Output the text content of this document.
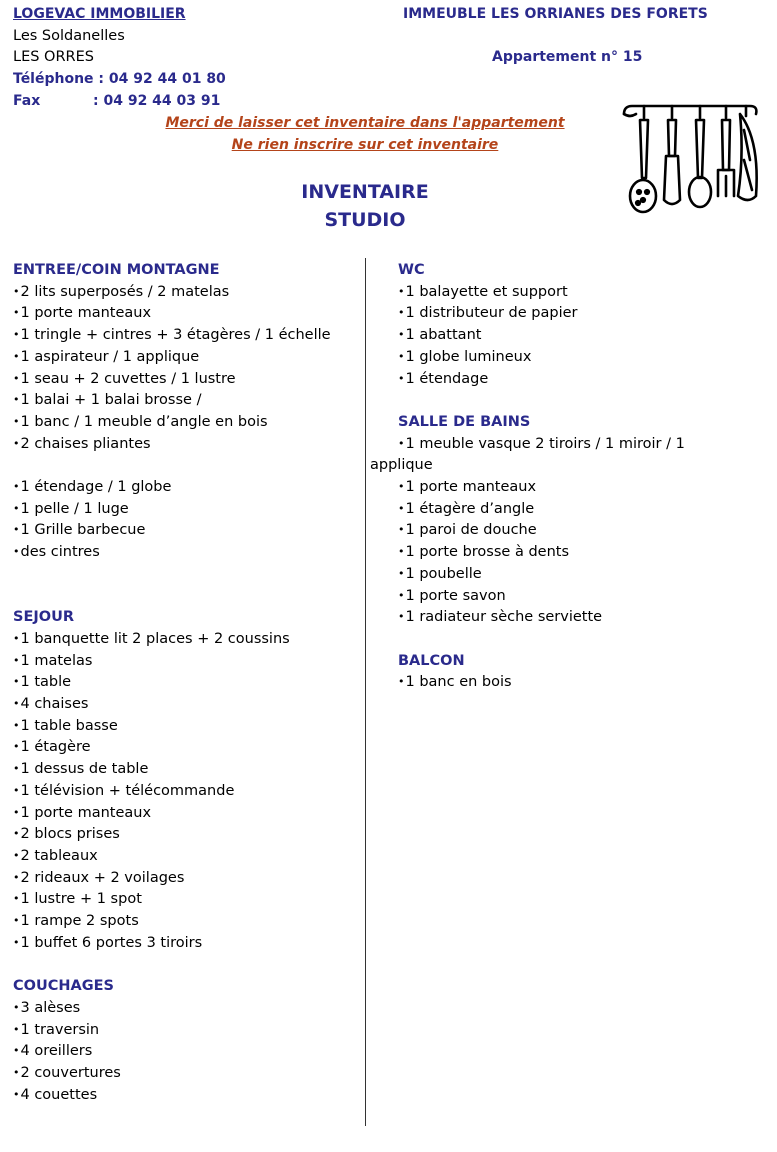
LOGEVAC IMMOBILIER
Les Soldanelles
LES ORRES
Téléphone : 04 92 44 01 80
Fax	: 04 92 44 03 91
IMMEUBLE LES ORRIANES DES FORETS
Appartement n° 15
Merci de laisser cet inventaire dans l'appartement
Ne rien inscrire sur cet inventaire
INVENTAIRE
STUDIO
ENTREE/COIN MONTAGNE
• 2 lits superposés / 2 matelas
• 1 porte manteaux
• 1 tringle + cintres + 3 étagères / 1 échelle
• 1 aspirateur / 1 applique
• 1 seau + 2 cuvettes / 1 lustre
• 1 balai + 1 balai brosse /
• 1 banc / 1 meuble d’angle en bois
• 2 chaises pliantes
• 1 étendage / 1 globe
• 1 pelle / 1 luge
• 1 Grille barbecue
• des cintres
SEJOUR
• 1 banquette lit 2 places + 2 coussins
• 1 matelas
• 1 table
• 4 chaises
• 1 table basse
• 1 étagère
• 1 dessus de table
• 1 télévision + télécommande
• 1 porte manteaux
• 2 blocs prises
• 2 tableaux
• 2 rideaux + 2 voilages
• 1 lustre + 1 spot
• 1 rampe 2 spots
• 1 buffet 6 portes 3 tiroirs
COUCHAGES
• 3 alèses
• 1 traversin
• 4 oreillers
• 2 couvertures
• 4 couettes
WC
• 1 balayette et support
• 1 distributeur de papier
• 1 abattant
• 1 globe lumineux
• 1 étendage
SALLE DE BAINS
• 1 meuble vasque 2 tiroirs / 1 miroir / 1
applique
• 1 porte manteaux
• 1 étagère d’angle
• 1 paroi de douche
• 1 porte brosse à dents
• 1 poubelle
• 1 porte savon
• 1 radiateur sèche serviette
BALCON
• 1 banc en bois
